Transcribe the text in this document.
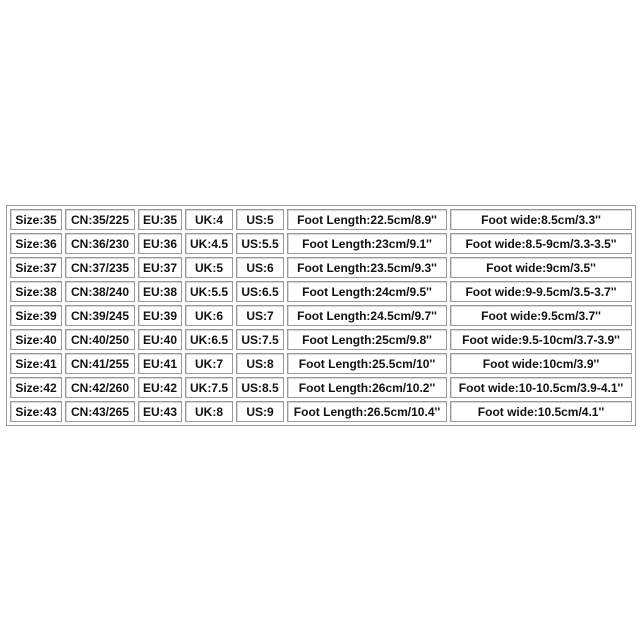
Size:35	CN:35/225	EU:35	UK:4	US:5	Foot Length:22.5cm/8.9''	Foot wide:8.5cm/3.3''
Size:36	CN:36/230	EU:36	UK:4.5	US:5.5	Foot Length:23cm/9.1''	Foot wide:8.5-9cm/3.3-3.5''
Size:37	CN:37/235	EU:37	UK:5	US:6	Foot Length:23.5cm/9.3''	Foot wide:9cm/3.5''
Size:38	CN:38/240	EU:38	UK:5.5	US:6.5	Foot Length:24cm/9.5''	Foot wide:9-9.5cm/3.5-3.7''
Size:39	CN:39/245	EU:39	UK:6	US:7	Foot Length:24.5cm/9.7''	Foot wide:9.5cm/3.7''
Size:40	CN:40/250	EU:40	UK:6.5	US:7.5	Foot Length:25cm/9.8''	Foot wide:9.5-10cm/3.7-3.9''
Size:41	CN:41/255	EU:41	UK:7	US:8	Foot Length:25.5cm/10''	Foot wide:10cm/3.9''
Size:42	CN:42/260	EU:42	UK:7.5	US:8.5	Foot Length:26cm/10.2''	Foot wide:10-10.5cm/3.9-4.1''
Size:43	CN:43/265	EU:43	UK:8	US:9	Foot Length:26.5cm/10.4''	Foot wide:10.5cm/4.1''
